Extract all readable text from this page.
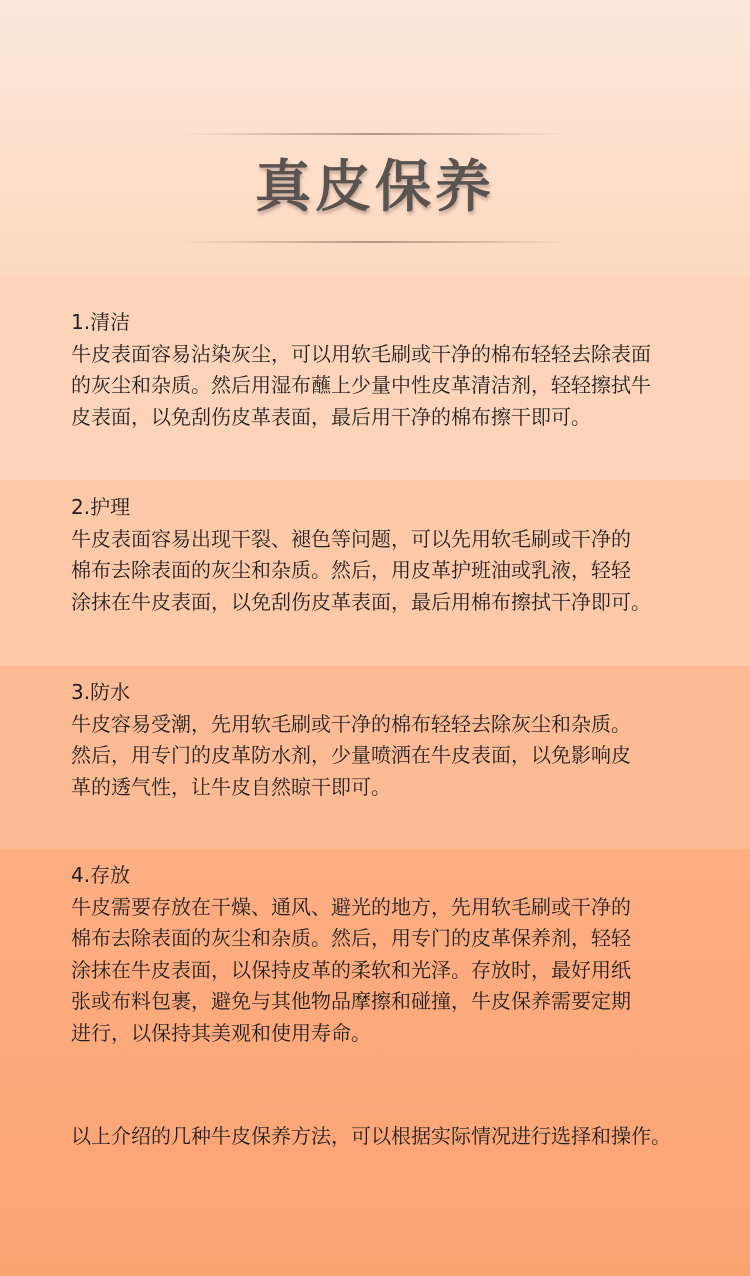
真皮保养
1.清洁
牛皮表面容易沾染灰尘，可以用软毛刷或干净的棉布轻轻去除表面
的灰尘和杂质。然后用湿布蘸上少量中性皮革清洁剂，轻轻擦拭牛
皮表面，以免刮伤皮革表面，最后用干净的棉布擦干即可。
2.护理
牛皮表面容易出现干裂、褪色等问题，可以先用软毛刷或干净的
棉布去除表面的灰尘和杂质。然后，用皮革护班油或乳液，轻轻
涂抹在牛皮表面，以免刮伤皮革表面，最后用棉布擦拭干净即可。
3.防水
牛皮容易受潮，先用软毛刷或干净的棉布轻轻去除灰尘和杂质。
然后，用专门的皮革防水剂，少量喷洒在牛皮表面，以免影响皮
革的透气性，让牛皮自然晾干即可。
4.存放
牛皮需要存放在干燥、通风、避光的地方，先用软毛刷或干净的
棉布去除表面的灰尘和杂质。然后，用专门的皮革保养剂，轻轻
涂抹在牛皮表面，以保持皮革的柔软和光泽。存放时，最好用纸
张或布料包裹，避免与其他物品摩擦和碰撞，牛皮保养需要定期
进行，以保持其美观和使用寿命。
以上介绍的几种牛皮保养方法，可以根据实际情况进行选择和操作。
